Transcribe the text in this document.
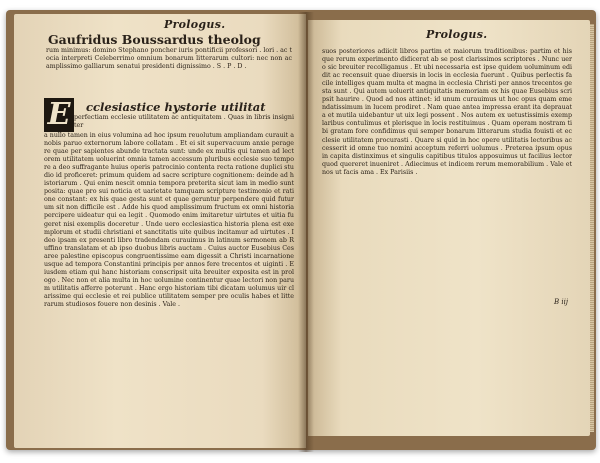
Prologus.
Gaufridus Boussardus theolog
rum minimus: domino Stephano poncher iuris pontificii professori . lori . ac tocia interpreti Celeberrimo omnium bonarum litterarum cultori: nec non ac amplissimo galliarum senatui presidenti dignissimo . S . P . D .
E	cclesiastice hystorie utilitat
perfectiam ecclesie utilitatem ac antiquitatem . Quas in libris insigniter
a nullo tamen in eius volumina ad hoc ipsum reuolutum ampliandam curauit a nobis paruo externorum labore collatam . Et ei sit supervacuum anxie peragere quae per sapientes abunde tractata sunt: unde ex multis qui tamen ad lectorem utilitatem uoluerint omnia tamen accessum pluribus ecclesie suo tempore a deo suffragante huius operis patrocinio contenta recta ratione duplici studio id proficeret: primum quidem ad sacre scripture cognitionem: deinde ad historiarum . Qui enim nescit omnia tempora preterita sicut iam in medio sunt posita: quae pro sui noticia et uarietate tamquam scripture testimonio et ratione constant: ex his quae gesta sunt et quae geruntur perpendere quid futurum sit non difficile est . Adde his quod amplissimum fructum ex omni historia percipere uideatur qui ea legit . Quomodo enim imitaretur uirtutes et uitia fugeret nisi exemplis doceretur . Unde uero ecclesiastica historia plena est exemplorum et studii christiani et sanctitatis uite quibus incitamur ad uirtutes . Ideo ipsam ex presenti libro tradendam curauimus in latinum sermonem ab Ruffino translatam et ab ipso duobus libris auctam . Cuius auctor Eusebius Cesaree palestine episcopus congruentissime eam digessit a Christi incarnatione usque ad tempora Constantini principis per annos fere trecentos et uiginti . Eiusdem etiam qui hanc historiam conscripsit uita breuiter exposita est in prologo . Nec non et alia multa in hoc uolumine continentur quae lectori non parum utilitatis afferre poterunt . Hanc ergo historiam tibi dicatam uolumus uir clarissime qui ecclesie et rei publice utilitatem semper pre oculis habes et litterarum studiosos fouere non desinis . Vale .
Prologus.
suos posteriores adiicit libros partim et maiorum traditionibus: partim et his que rerum experimento didicerat ab se post clarissimos scriptores . Nunc uero sic breuiter recolligamus . Et ubi necessaria est ipse quidem uoluminum edidit ac recensuit quae diuersis in locis in ecclesia fuerunt . Quibus perlectis facile intelliges quam multa et magna in ecclesia Christi per annos trecentos gesta sunt . Qui autem uoluerit antiquitatis memoriam ex his quae Eusebius scripsit haurire . Quod ad nos attinet: id unum curauimus ut hoc opus quam emendatissimum in lucem prodiret . Nam quae antea impressa erant ita deprauata et mutila uidebantur ut uix legi possent . Nos autem ex uetustissimis exemplaribus contulimus et plerisque in locis restituimus . Quam operam nostram tibi gratam fore confidimus qui semper bonarum litterarum studia fouisti et ecclesie utilitatem procurasti . Quare si quid in hoc opere utilitatis lectoribus accesserit id omne tuo nomini acceptum referri uolumus . Preterea ipsum opus in capita distinximus et singulis capitibus titulos apposuimus ut facilius lector quod quereret inueniret . Adiecimus et indicem rerum memorabilium . Vale et nos ut facis ama . Ex Parisiis .
B iij
